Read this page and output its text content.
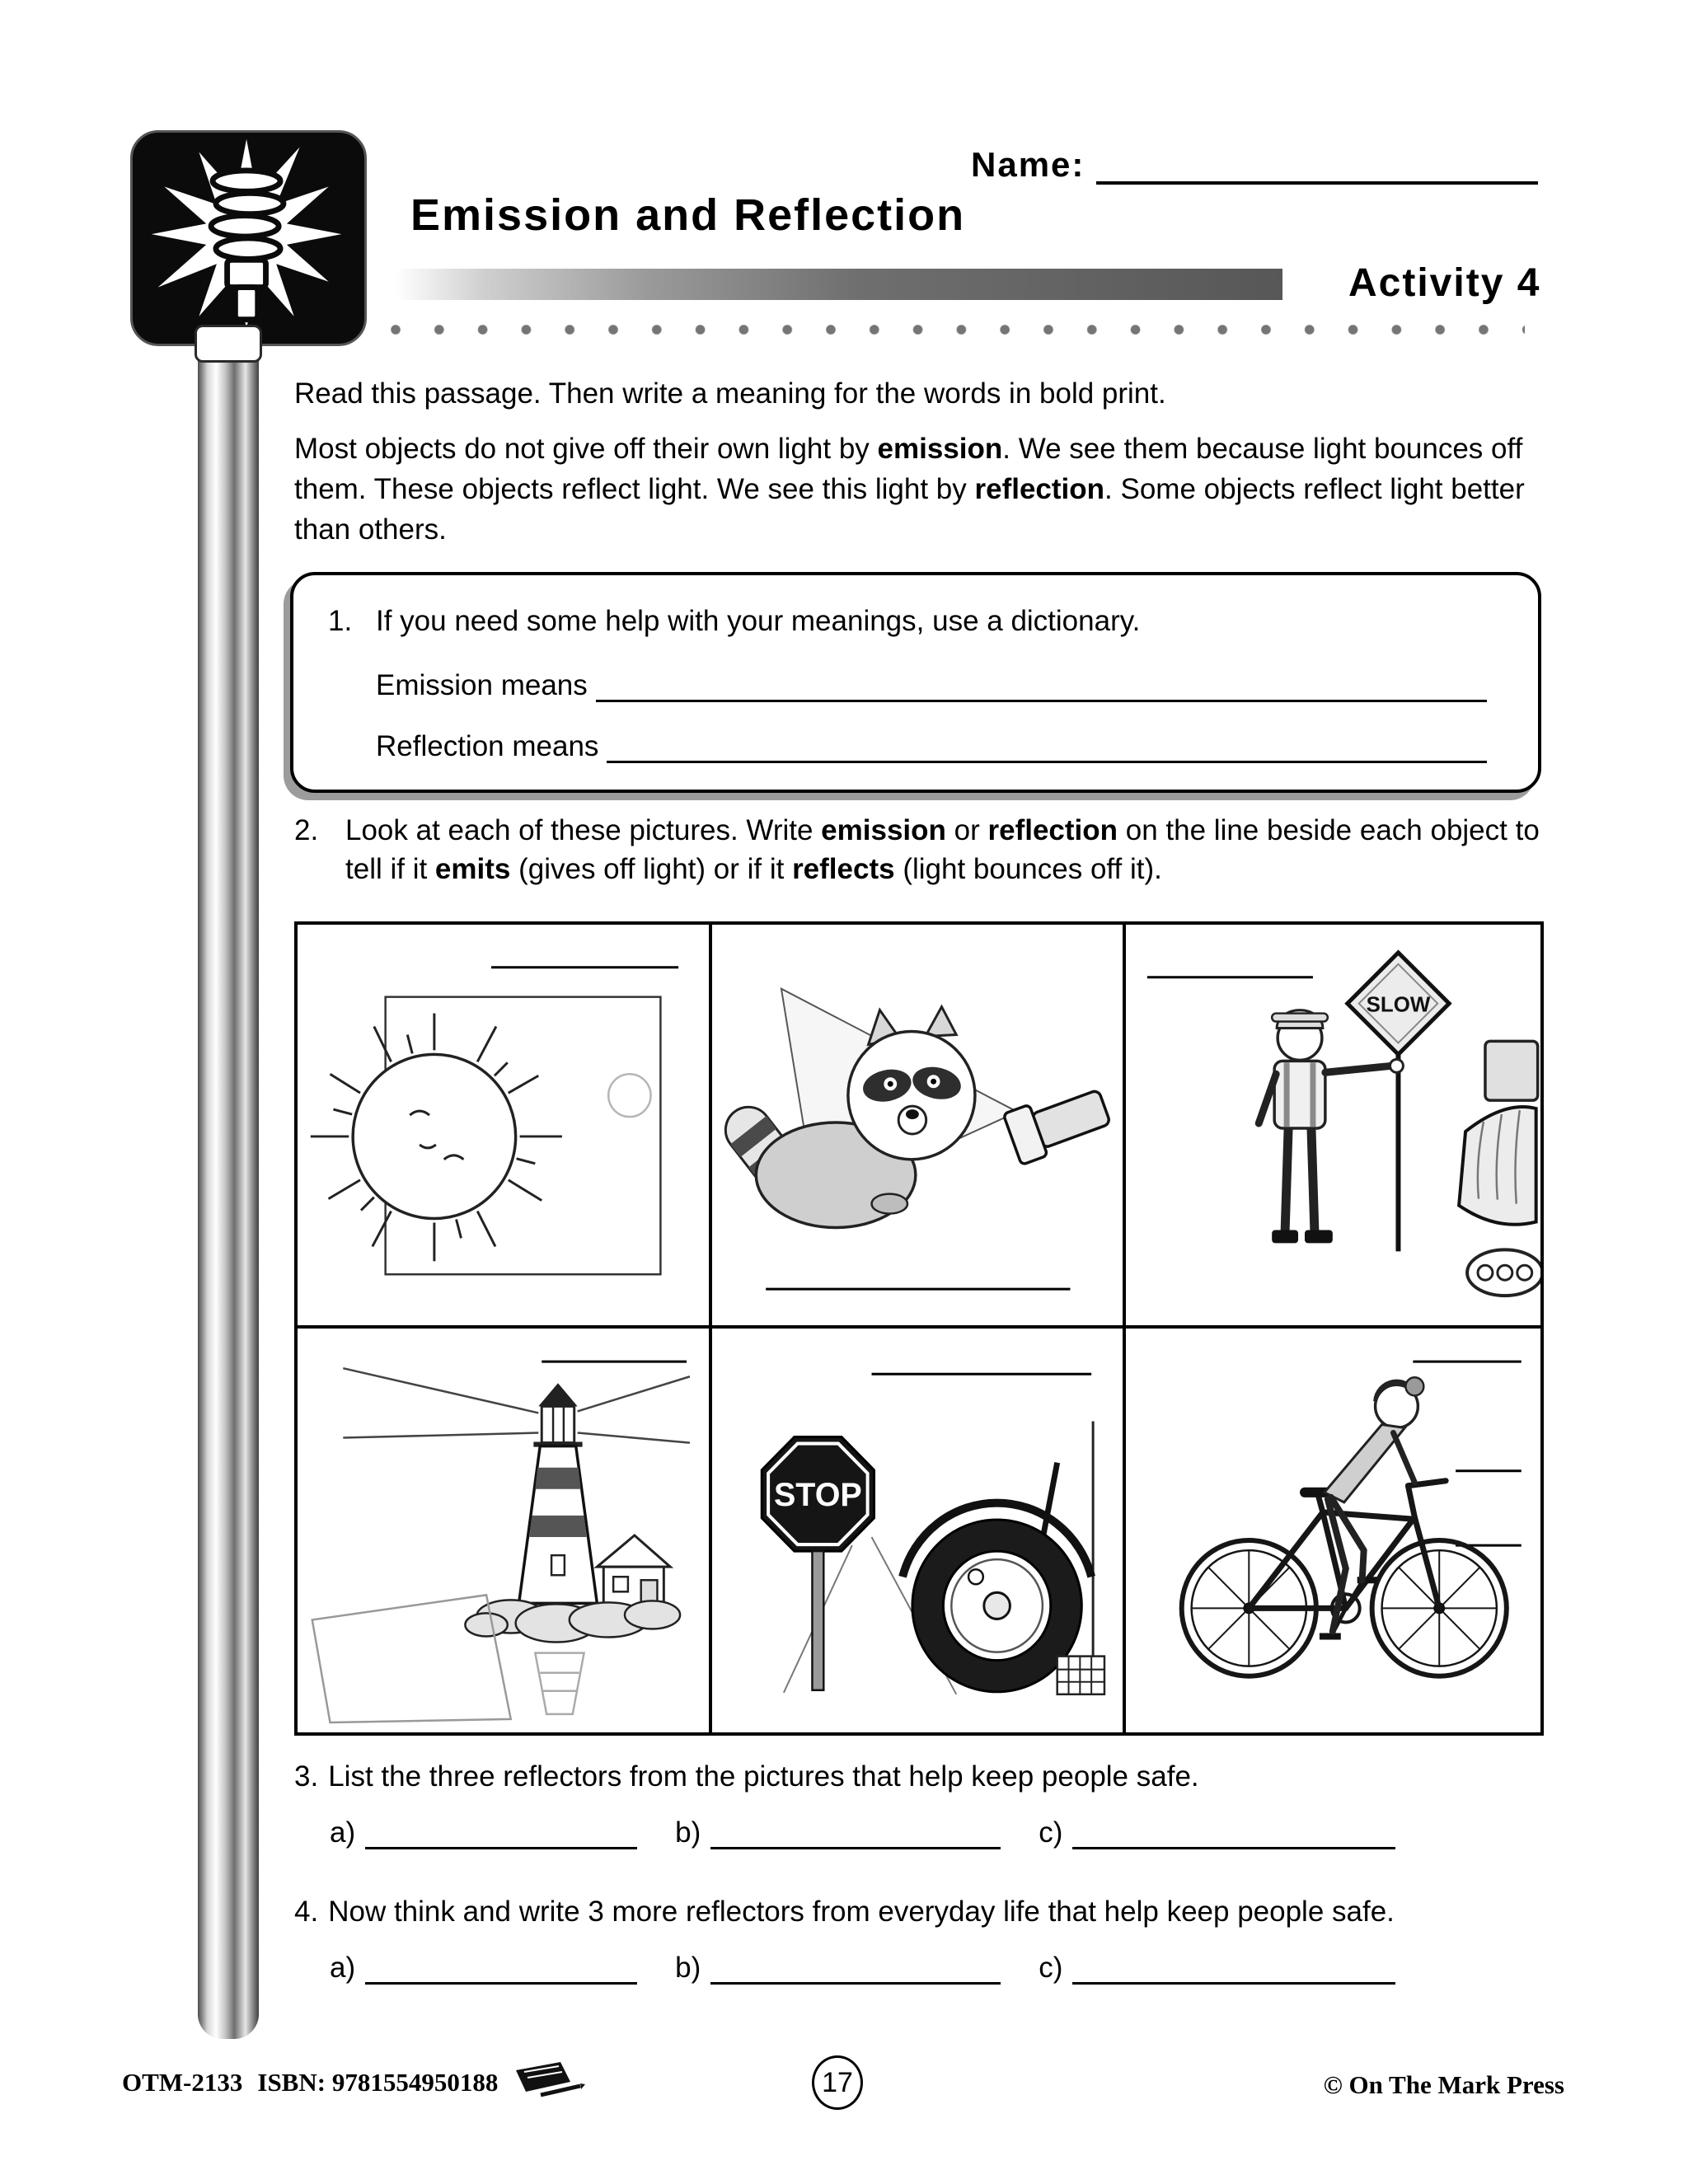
Name:
Emission and Reflection
Activity 4

Read this passage. Then write a meaning for the words in bold print.

Most objects do not give off their own light by emission. We see them because light bounces off them. These objects reflect light. We see this light by reflection. Some objects reflect light better than others.

1. If you need some help with your meanings, use a dictionary.
Emission means
Reflection means
2. Look at each of these pictures. Write emission or reflection on the line beside each object to tell if it emits (gives off light) or if it reflects (light bounces off it).

SLOW
STOP
3. List the three reflectors from the pictures that help keep people safe.
a)	b)	c)
4. Now think and write 3 more reflectors from everyday life that help keep people safe.
a)	b)	c)
OTM-2133 ISBN: 9781554950188	17	© On The Mark Press
